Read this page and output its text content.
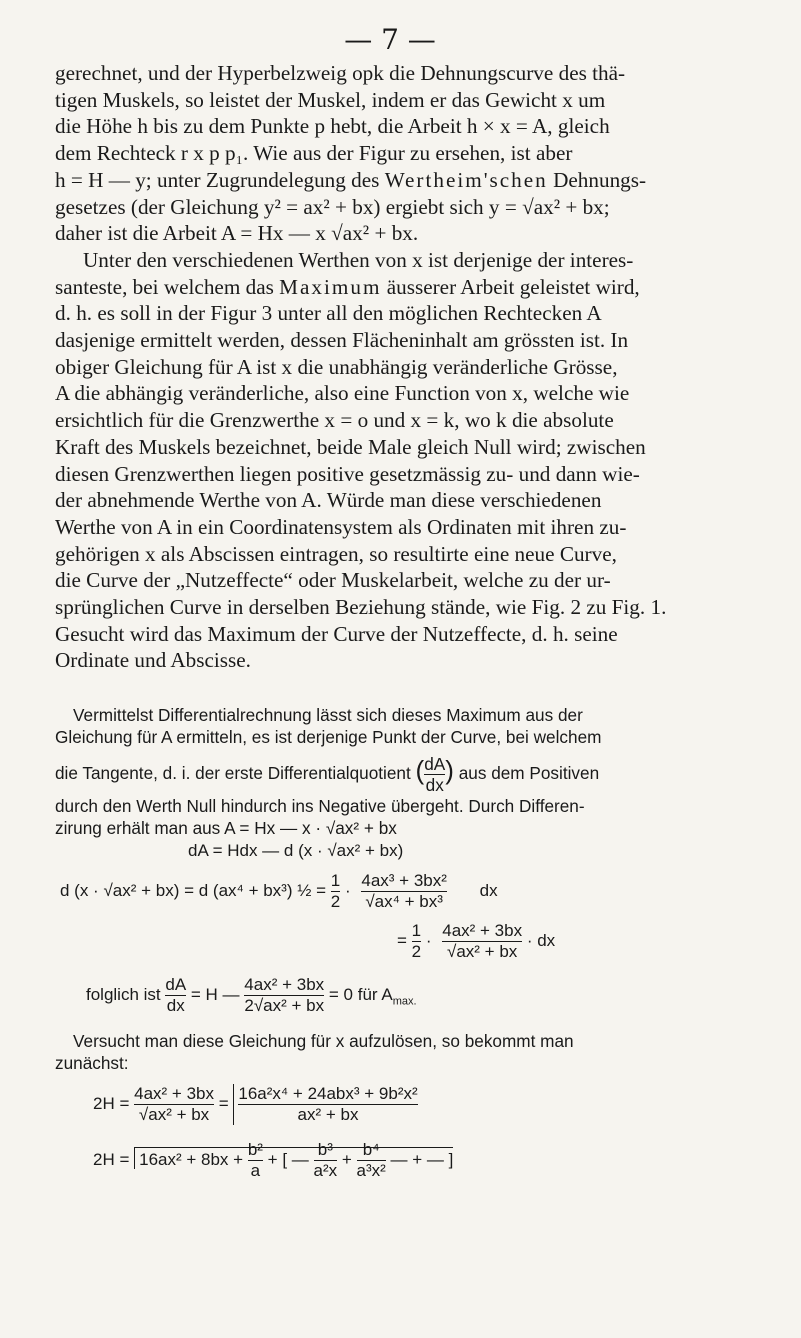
— 7 —

gerechnet, und der Hyperbelzweig opk die Dehnungscurve des thä-

tigen Muskels, so leistet der Muskel, indem er das Gewicht x um

die Höhe h bis zu dem Punkte p hebt, die Arbeit h × x = A, gleich

dem Rechteck r x p p₁. Wie aus der Figur zu ersehen, ist aber

h = H — y; unter Zugrundelegung des Wertheim'schen Dehnungs-

gesetzes (der Gleichung y² = ax² + bx) ergiebt sich y = √ax² + bx;

daher ist die Arbeit A = Hx — x √ax² + bx.

Unter den verschiedenen Werthen von x ist derjenige der interes-

santeste, bei welchem das Maximum äusserer Arbeit geleistet wird,

d. h. es soll in der Figur 3 unter all den möglichen Rechtecken A

dasjenige ermittelt werden, dessen Flächeninhalt am grössten ist. In

obiger Gleichung für A ist x die unabhängig veränderliche Grösse,

A die abhängig veränderliche, also eine Function von x, welche wie

ersichtlich für die Grenzwerthe x = o und x = k, wo k die absolute

Kraft des Muskels bezeichnet, beide Male gleich Null wird; zwischen

diesen Grenzwerthen liegen positive gesetzmässig zu- und dann wie-

der abnehmende Werthe von A. Würde man diese verschiedenen

Werthe von A in ein Coordinatensystem als Ordinaten mit ihren zu-

gehörigen x als Abscissen eintragen, so resultirte eine neue Curve,

die Curve der „Nutzeffecte“ oder Muskelarbeit, welche zu der ur-

sprünglichen Curve in derselben Beziehung stände, wie Fig. 2 zu Fig. 1.

Gesucht wird das Maximum der Curve der Nutzeffecte, d. h. seine

Ordinate und Abscisse.

Vermittelst Differentialrechnung lässt sich dieses Maximum aus der

Gleichung für A ermitteln, es ist derjenige Punkt der Curve, bei welchem

die Tangente, d. i. der erste Differentialquotient ( $\frac{dA}{dx}$ ) aus dem Positiven

durch den Werth Null hindurch ins Negative übergeht. Durch Differen-

zirung erhält man aus A = Hx — x · √ax² + bx

dA = Hdx — d (x · √ax² + bx)
d (x · √ax² + bx) = d (ax⁴ + bx³) ½ = $\frac{1}{2} \cdot \frac{\text{4ax³ + 3bx²}}{\text{√ax⁴ + bx³}}$ dx
= $\frac{1}{2} \cdot \frac{\text{4ax² + 3bx}}{\text{√ax² + bx}}$ · dx
folglich ist $\frac{dA}{dx} = H$ — $\frac{\text{4ax² + 3bx}}{\text{2√ax² + bx}} = 0$ für $A_{max.}$

Versucht man diese Gleichung für x aufzulösen, so bekommt man

zunächst:

$2H = \frac{\text{4ax² + 3bx}}{\text{√ax² + bx}} = \frac{\text{16a²x⁴ + 24abx³ + 9b²x²}}{\text{ax² + bx}}$
$2H = 16ax^2 + 8bx + \frac{\text{b²}}{a}$ + [ — $\frac{\text{b³}}{\text{a²x}} + \frac{\text{b⁴}}{\text{a³x²}}$ — + — ]
